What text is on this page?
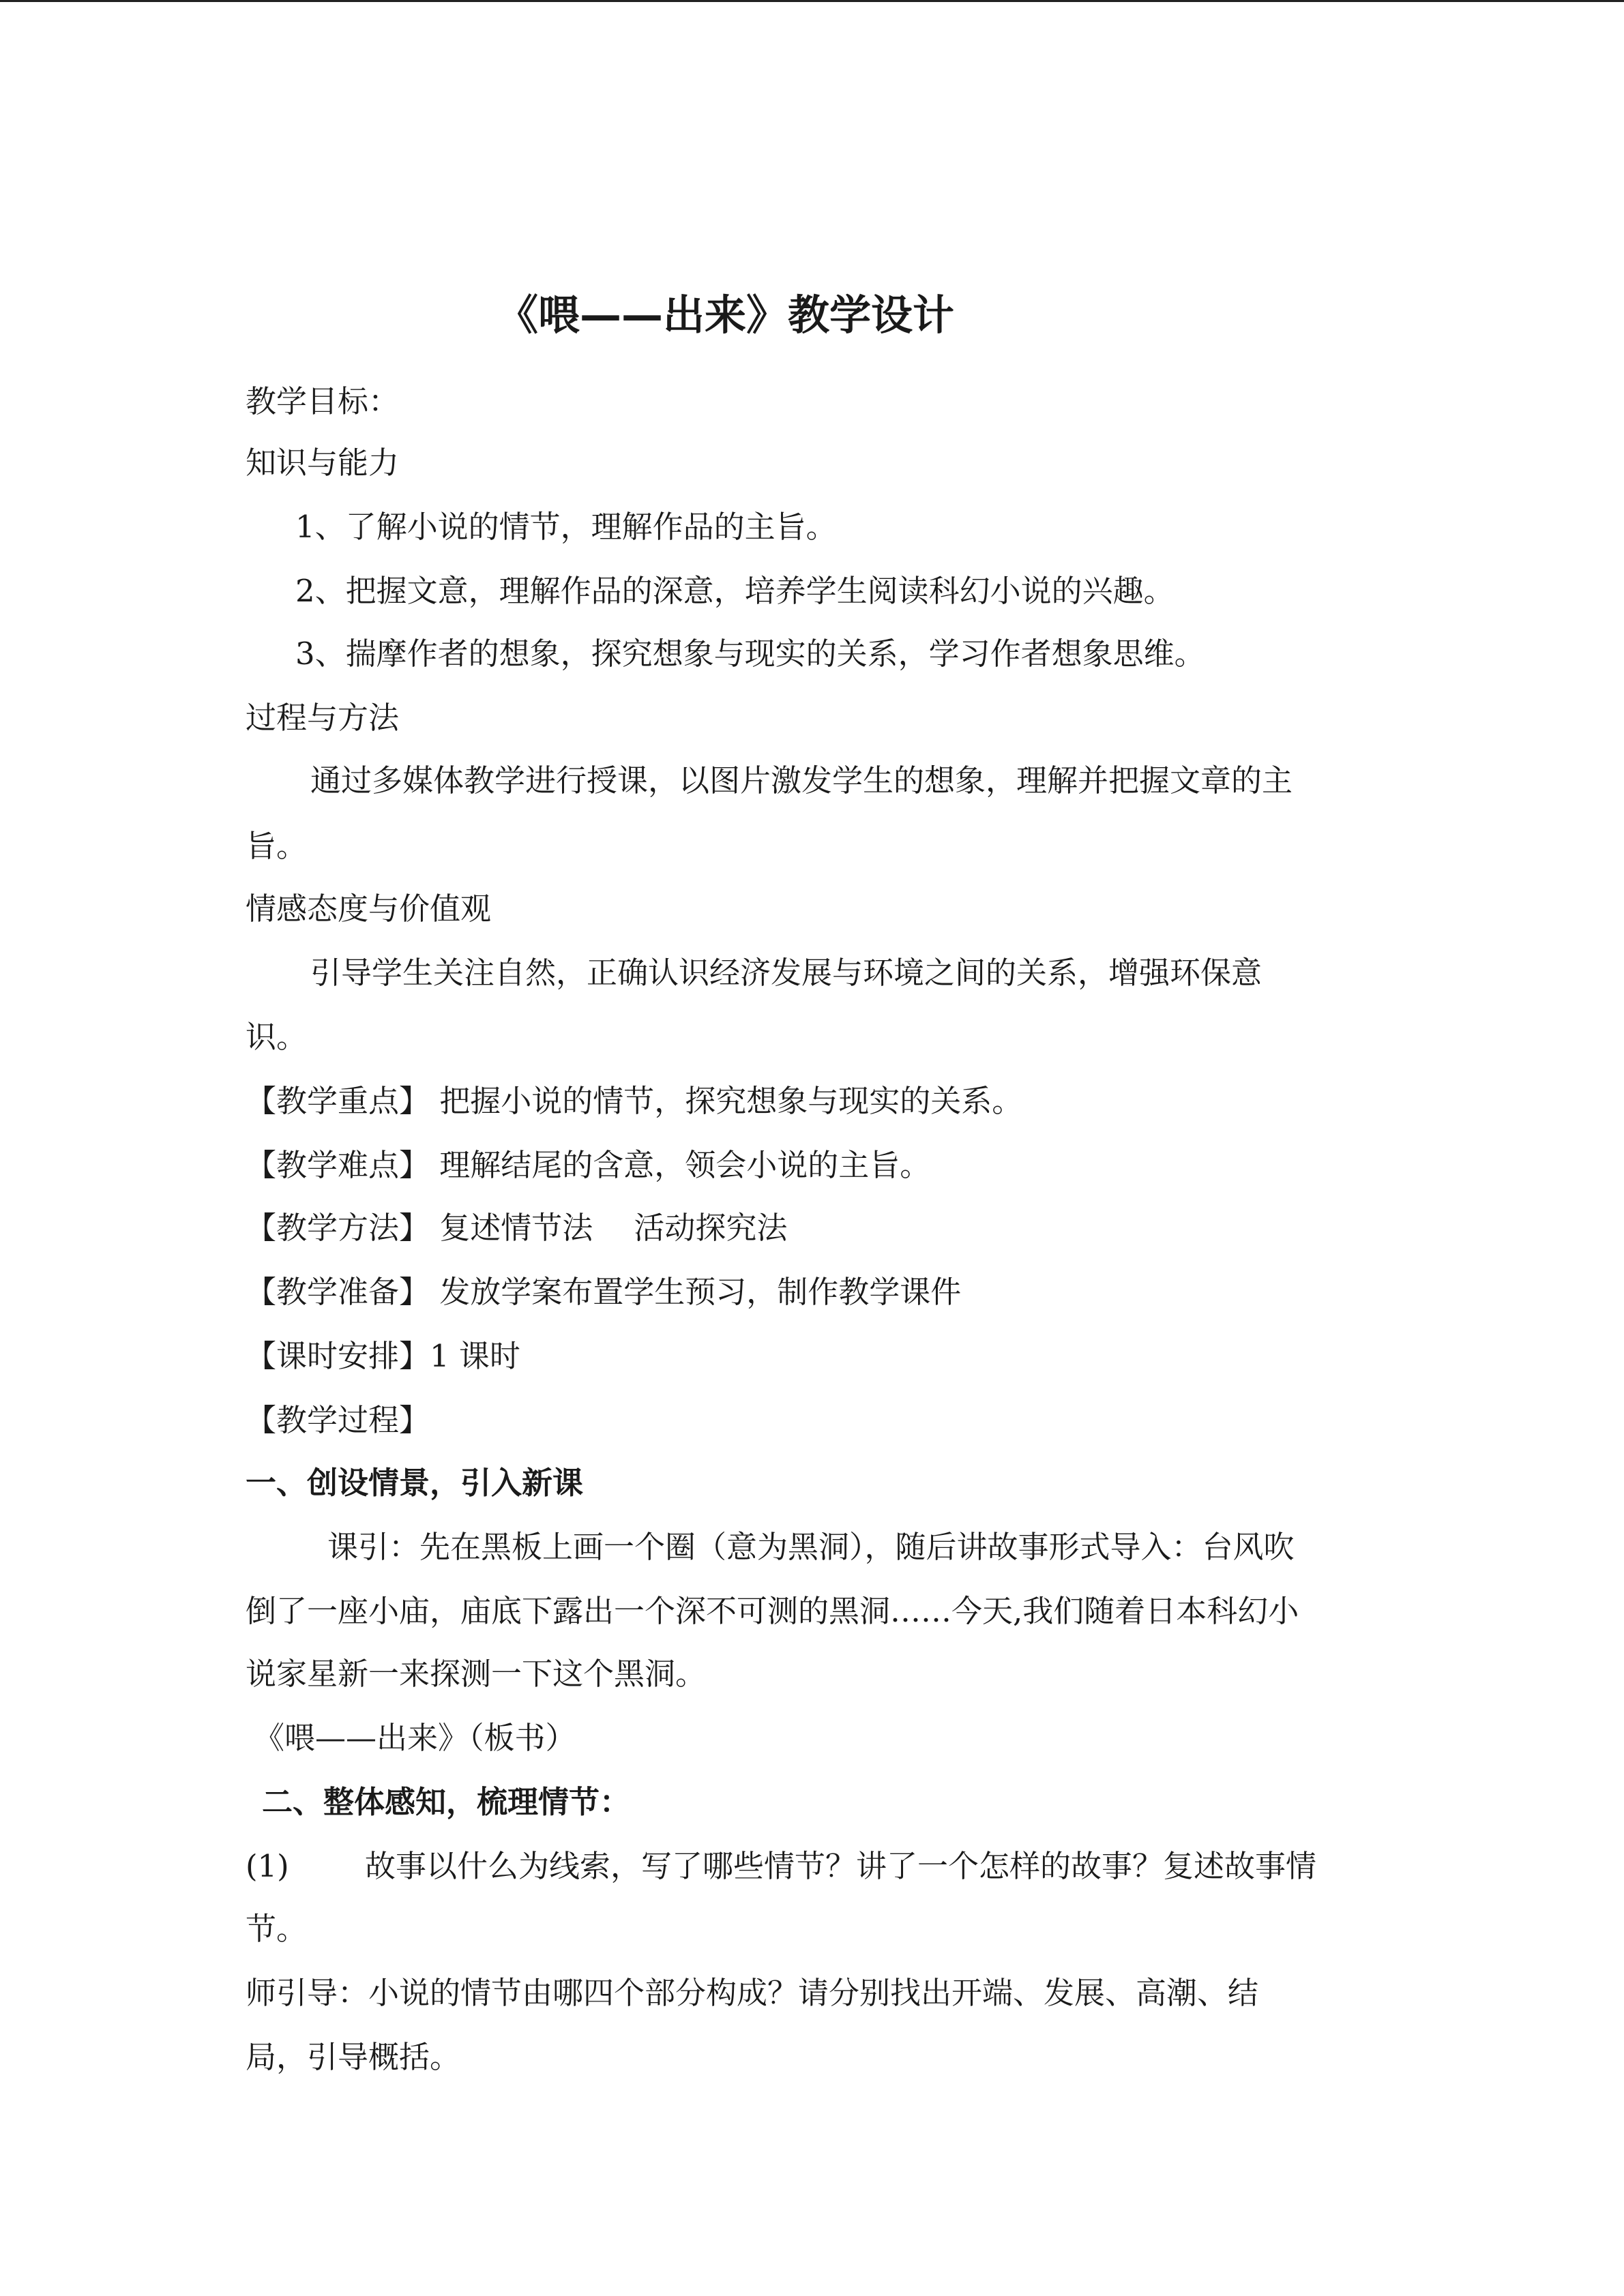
《喂——出来》教学设计
教学目标：
知识与能力
1、了解小说的情节，理解作品的主旨。
2、把握文意，理解作品的深意，培养学生阅读科幻小说的兴趣。
3、揣摩作者的想象，探究想象与现实的关系，学习作者想象思维。
过程与方法
通过多媒体教学进行授课，以图片激发学生的想象，理解并把握文章的主
旨。
情感态度与价值观
引导学生关注自然，正确认识经济发展与环境之间的关系，增强环保意
识。
【教学重点】 把握小说的情节，探究想象与现实的关系。
【教学难点】 理解结尾的含意，领会小说的主旨。
【教学方法】 复述情节法 活动探究法
【教学准备】 发放学案布置学生预习，制作教学课件
【课时安排】1 课时
【教学过程】
一、创设情景，引入新课
课引：先在黑板上画一个圈（意为黑洞），随后讲故事形式导入：台风吹
倒了一座小庙，庙底下露出一个深不可测的黑洞……今天,我们随着日本科幻小
说家星新一来探测一下这个黑洞。
《喂——出来》（板书）
二、整体感知，梳理情节：
(1) 故事以什么为线索，写了哪些情节？讲了一个怎样的故事？复述故事情
节。
师引导：小说的情节由哪四个部分构成？请分别找出开端、发展、高潮、结
局，引导概括。
